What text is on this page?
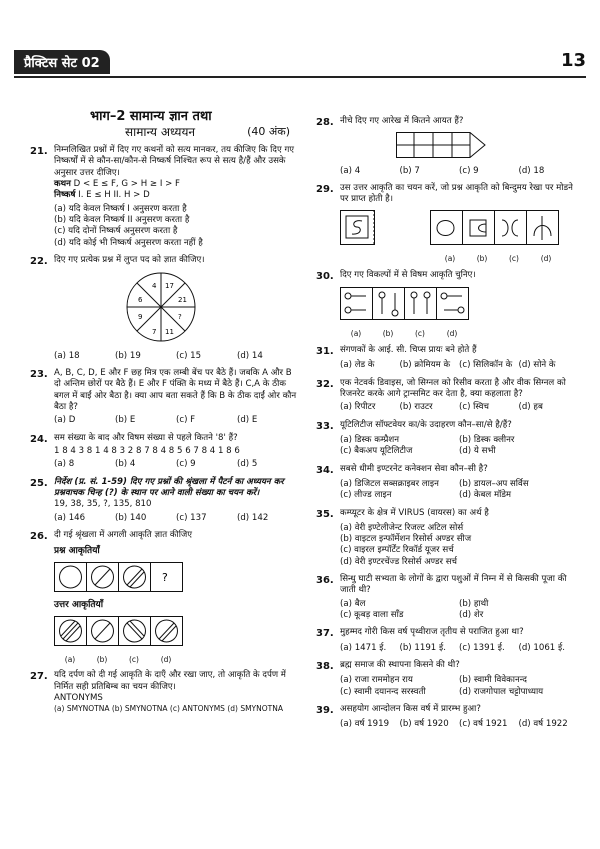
प्रैक्टिस सेट 02	13
भाग–2 सामान्य ज्ञान तथा
सामान्य अध्ययन	(40 अंक)
21. निम्नलिखित प्रश्नों में दिए गए कथनों को सत्य मानकर, तय कीजिए कि दिए गए निष्कर्षों में से कौन-सा/कौन-से निष्कर्ष निश्चित रूप से सत्य है/हैं और उसके अनुसार उत्तर दीजिए।
कथन D < E ≤ F, G > H ≥ I > F
निष्कर्ष I. E ≤ H II. H > D
(a) यदि केवल निष्कर्ष I अनुसरण करता है
(b) यदि केवल निष्कर्ष II अनुसरण करता है
(c) यदि दोनों निष्कर्ष अनुसरण करता है
(d) यदि कोई भी निष्कर्ष अनुसरण करता नहीं है
22. दिए गए प्रत्येक प्रश्न में लुप्त पद को ज्ञात कीजिए।
4 17
21
?
11
7
9
6
(a) 18	(b) 19	(c) 15	(d) 14
23. A, B, C, D, E और F छह मित्र एक लम्बी बेंच पर बैठे हैं। जबकि A और B दो अन्तिम छोरों पर बैठे हैं। E और F पंक्ति के मध्य में बैठे हैं। C,A के ठीक बगल में बाईं ओर बैठा है। क्या आप बता सकते हैं कि B के ठीक दाईं ओर कौन बैठा है?
(a) D	(b) E	(c) F	(d) E
24. सम संख्या के बाद और विषम संख्या से पहले कितने '8' हैं?
1 8 4 3 8 1 4 8 3 2 8 7 8 4 8 5 6 7 8 4 1 8 6
(a) 8	(b) 4	(c) 9	(d) 5
25. निर्देश (प्र. सं. 1-59) दिए गए प्रश्नों की श्रृंखला में पैटर्न का अध्ययन कर प्रश्नवाचक चिन्ह (?) के स्थान पर आने वाली संख्या का चयन करें।
19, 38, 35, ?, 135, 810
(a) 146	(b) 140	(c) 137	(d) 142
26. दी गई श्रृंखला में अगली आकृति ज्ञात कीजिए
प्रश्न आकृतियाँ
?
उत्तर आकृतियाँ
(a)	(b)	(c)	(d)
27. यदि दर्पण को दी गई आकृति के दाएँ और रखा जाए, तो आकृति के दर्पण में निर्मित सही प्रतिबिम्ब का चयन कीजिए।
ANTONYMS
(a) SMYNOTNA (b) SMYNOTNA (c) ANTONYMS (d) SMYNOTNA
28. नीचे दिए गए आरेख में कितने आयत हैं?
(a) 4	(b) 7	(c) 9	(d) 18
29. उस उत्तर आकृति का चयन करें, जो प्रश्न आकृति को बिन्दुमय रेखा पर मोडने पर प्राप्त होती है।
(a)	(b)	(c)	(d)
30. दिए गए विकल्पों में से विषम आकृति चुनिए।
(a)	(b)	(c)	(d)
31. संगणकों के आई. सी. चिप्स प्रायः बने होते हैं
(a) लेड के	(b) क्रोमियम के	(c) सिलिकॉन के (d) सोने के
32. एक नेटवर्क डिवाइस, जो सिग्नल को रिसीव करता है और वीक सिग्नल को रिजनरेट करके आगे ट्रान्समिट कर देता है, क्या कहलाता है?
(a) रिपीटर	(b) राउटर	(c) स्विच	(d) हब
33. यूटिलिटीज सॉफ्टवेयर का/के उदाहरण कौन–सा/से है/हैं?
(a) डिस्क कम्प्रैशन	(b) डिस्क क्लीनर
(c) बैकअप यूटिलिटीज	(d) ये सभी
34. सबसे धीमी इण्टरनेट कनेक्शन सेवा कौन–सी है?
(a) डिजिटल सब्सक्राइबर लाइन	(b) डायल–अप सर्विस
(c) लीज्ड लाइन	(d) केबल मॉडेम
35. कम्प्यूटर के क्षेत्र में VIRUS (वायरस) का अर्थ है
(a) वेरी इण्टेलीजेन्ट रिजल्ट अटिल सोर्स
(b) वाइटल इन्फॉर्मेशन रिसोर्स अण्डर सीज
(c) वाइरल इम्पॉर्टेंट रिकॉर्ड यूजर सर्च
(d) वेरी इण्टरचेंज्ड रिसोर्स अण्डर सर्च
36. सिन्धु घाटी सभ्यता के लोगों के द्वारा पशुओं में निम्न में से किसकी पूजा की जाती थी?
(a) बैल	(b) हाथी
(c) कूबड़ वाला साँड	(d) शेर
37. मुहम्मद गोरी किस वर्ष पृथ्वीराज तृतीय से पराजित हुआ था?
(a) 1471 ई.	(b) 1191 ई.	(c) 1391 ई.	(d) 1061 ई.
38. ब्रह्म समाज की स्थापना किसने की थी?
(a) राजा राममोहन राय	(b) स्वामी विवेकानन्द
(c) स्वामी दयानन्द सरस्वती	(d) राजगोपाल चट्टोपाध्याय
39. असहयोग आन्दोलन किस वर्ष में प्रारम्भ हुआ?
(a) वर्ष 1919	(b) वर्ष 1920	(c) वर्ष 1921	(d) वर्ष 1922
